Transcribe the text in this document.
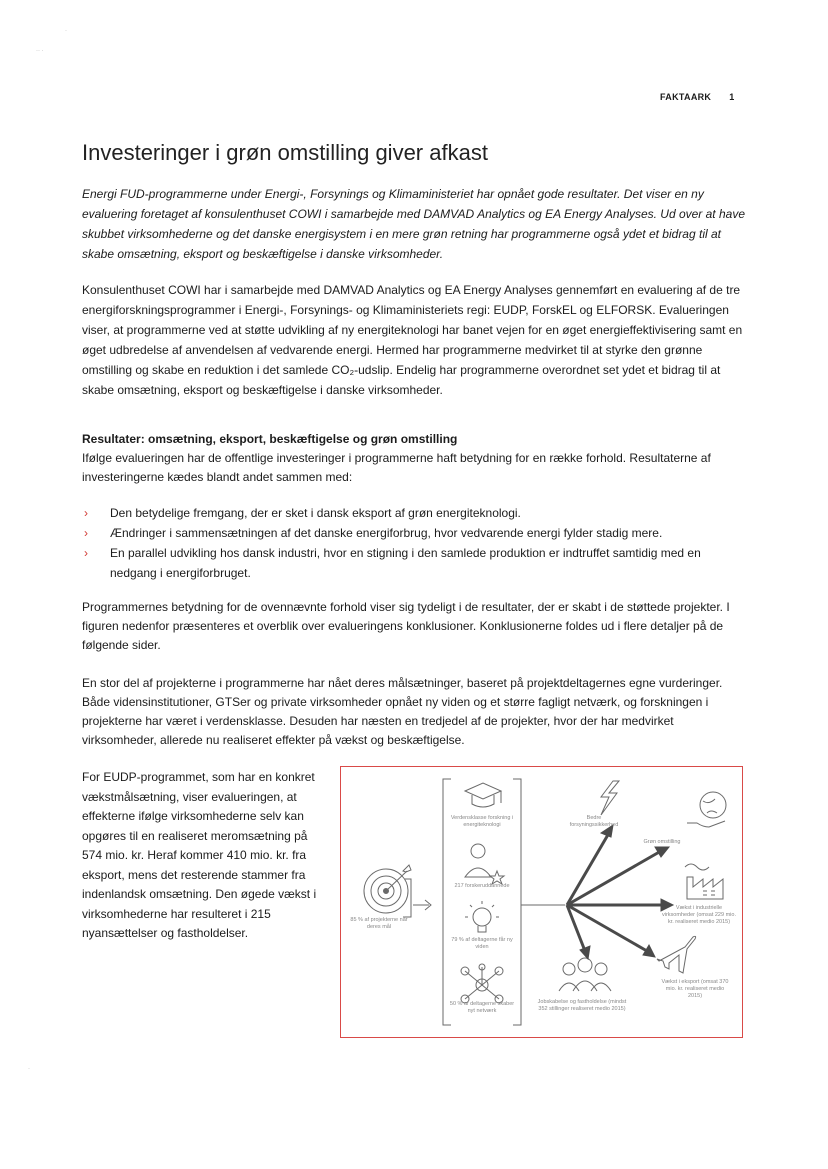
·
·· ·
FAKTAARK 1
Investeringer i grøn omstilling giver afkast

Energi FUD-programmerne under Energi-, Forsynings og Klimaministeriet har opnået gode resultater. Det viser en ny evaluering foretaget af konsulenthuset COWI i samarbejde med DAMVAD Analytics og EA Energy Analyses. Ud over at have skubbet virksomhederne og det danske energisystem i en mere grøn retning har programmerne også ydet et bidrag til at skabe omsætning, eksport og beskæftigelse i danske virksomheder.

Konsulenthuset COWI har i samarbejde med DAMVAD Analytics og EA Energy Analyses gennemført en evaluering af de tre energiforskningsprogrammer i Energi-, Forsynings- og Klimaministeriets regi: EUDP, ForskEL og ELFORSK. Evalueringen viser, at programmerne ved at støtte udvikling af ny energiteknologi har banet vejen for en øget energieffektivisering samt en øget udbredelse af anvendelsen af vedvarende energi. Hermed har programmerne medvirket til at styrke den grønne omstilling og skabe en reduktion i det samlede CO₂-udslip. Endelig har programmerne overordnet set ydet et bidrag til at skabe omsætning, eksport og beskæftigelse i danske virksomheder.

Resultater: omsætning, eksport, beskæftigelse og grøn omstilling

Ifølge evalueringen har de offentlige investeringer i programmerne haft betydning for en række forhold. Resultaterne af investeringerne kædes blandt andet sammen med:

› Den betydelige fremgang, der er sket i dansk eksport af grøn energiteknologi.
› Ændringer i sammensætningen af det danske energiforbrug, hvor vedvarende energi fylder stadig mere.
› En parallel udvikling hos dansk industri, hvor en stigning i den samlede produktion er indtruffet samtidig med en nedgang i energiforbruget.

Programmernes betydning for de ovennævnte forhold viser sig tydeligt i de resultater, der er skabt i de støttede projekter. I figuren nedenfor præsenteres et overblik over evalueringens konklusioner. Konklusionerne foldes ud i flere detaljer på de følgende sider.

En stor del af projekterne i programmerne har nået deres målsætninger, baseret på projektdeltagernes egne vurderinger. Både vidensinstitutioner, GTSer og private virksomheder opnået ny viden og et større fagligt netværk, og forskningen i projekterne har været i verdensklasse. Desuden har næsten en tredjedel af de projekter, hvor der har medvirket virksomheder, allerede nu realiseret effekter på vækst og beskæftigelse.

For EUDP-programmet, som har en konkret vækstmålsætning, viser evalueringen, at effekterne ifølge virksomhederne selv kan opgøres til en realiseret meromsætning på 574 mio. kr. Heraf kommer 410 mio. kr. fra eksport, mens det resterende stammer fra indenlandsk omsætning. Den øgede vækst i virksomhederne har resulteret i 215 nyansættelser og fastholdelser.

85 % af projekterne når deres mål
Verdensklasse forskning i energiteknologi
217 forskeruddannede
79 % af deltagerne får ny viden
50 % af deltagerne skaber nyt netværk
Bedre forsyningssikkerhed
Grøn omstilling
Vækst i industrielle virksomheder (omsat 229 mio. kr. realiseret medio 2015)
Vækst i eksport (omsat 370 mio. kr. realiseret medio 2015)
Jobskabelse og fastholdelse (mindst 352 stillinger realiseret medio 2015)
·
